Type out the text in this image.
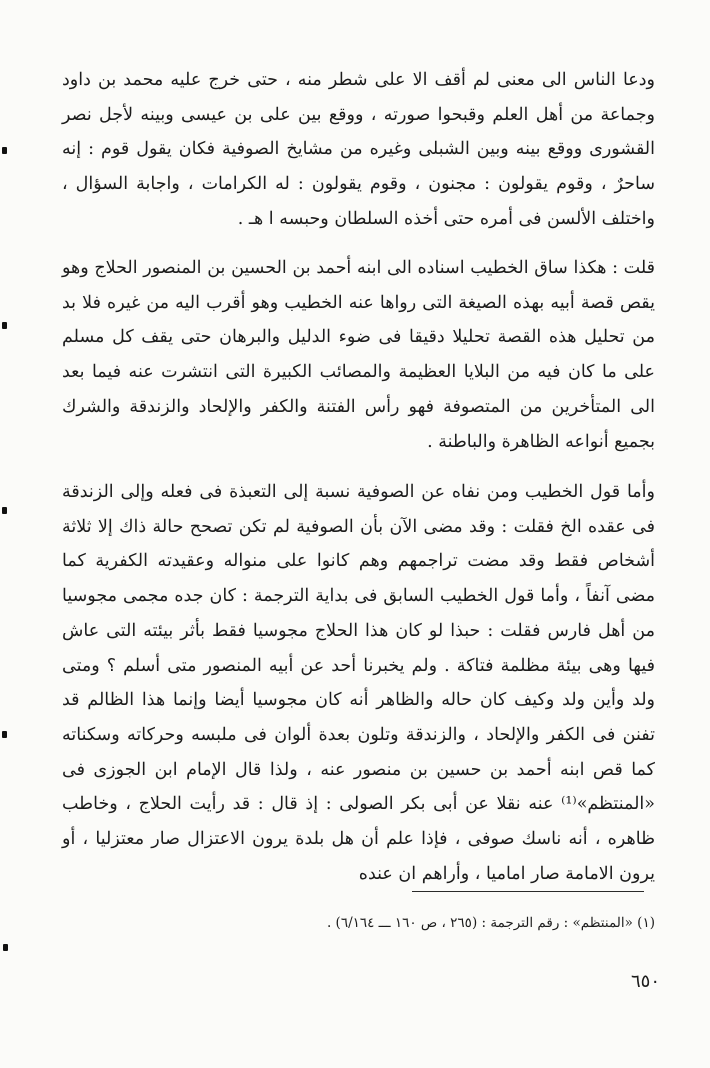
ودعا الناس الى معنى لم أقف الا على شطر منه ، حتى خرج عليه محمد بن داود وجماعة من أهل العلم وقبحوا صورته ، ووقع بين على بن عيسى وبينه لأجل نصر القشورى ووقع بينه وبين الشبلى وغيره من مشايخ الصوفية فكان يقول قوم : إنه ساحرٌ ، وقوم يقولون : مجنون ، وقوم يقولون : له الكرامات ، واجابة السؤال ، واختلف الألسن فى أمره حتى أخذه السلطان وحبسه ا هـ .

قلت : هكذا ساق الخطيب اسناده الى ابنه أحمد بن الحسين بن المنصور الحلاج وهو يقص قصة أبيه بهذه الصيغة التى رواها عنه الخطيب وهو أقرب اليه من غيره فلا بد من تحليل هذه القصة تحليلا دقيقا فى ضوء الدليل والبرهان حتى يقف كل مسلم على ما كان فيه من البلايا العظيمة والمصائب الكبيرة التى انتشرت عنه فيما بعد الى المتأخرين من المتصوفة فهو رأس الفتنة والكفر والإلحاد والزندقة والشرك بجميع أنواعه الظاهرة والباطنة .

وأما قول الخطيب ومن نفاه عن الصوفية نسبة إلى التعبذة فى فعله وإلى الزندقة فى عقده الخ فقلت : وقد مضى الآن بأن الصوفية لم تكن تصحح حالة ذاك إلا ثلاثة أشخاص فقط وقد مضت تراجمهم وهم كانوا على منواله وعقيدته الكفرية كما مضى آنفاً ، وأما قول الخطيب السابق فى بداية الترجمة : كان جده مجمى مجوسيا من أهل فارس فقلت : حبذا لو كان هذا الحلاج مجوسيا فقط بأثر بيئته التى عاش فيها وهى بيئة مظلمة فتاكة . ولم يخبرنا أحد عن أبيه المنصور متى أسلم ؟ ومتى ولد وأين ولد وكيف كان حاله والظاهر أنه كان مجوسيا أيضا وإنما هذا الظالم قد تفنن فى الكفر والإلحاد ، والزندقة وتلون بعدة ألوان فى ملبسه وحركاته وسكناته كما قص ابنه أحمد بن حسين بن منصور عنه ، ولذا قال الإمام ابن الجوزى فى «المنتظم»⁽¹⁾ عنه نقلا عن أبى بكر الصولى : إذ قال : قد رأيت الحلاج ، وخاطب ظاهره ، أنه ناسك صوفى ، فإذا علم أن هل بلدة يرون الاعتزال صار معتزليا ، أو يرون الامامة صار اماميا ، وأراهم ان عنده

(١) «المنتظم» : رقم الترجمة : (٢٦٥ ، ص ١٦٠ ـــ ٦/١٦٤) .

٦٥٠
